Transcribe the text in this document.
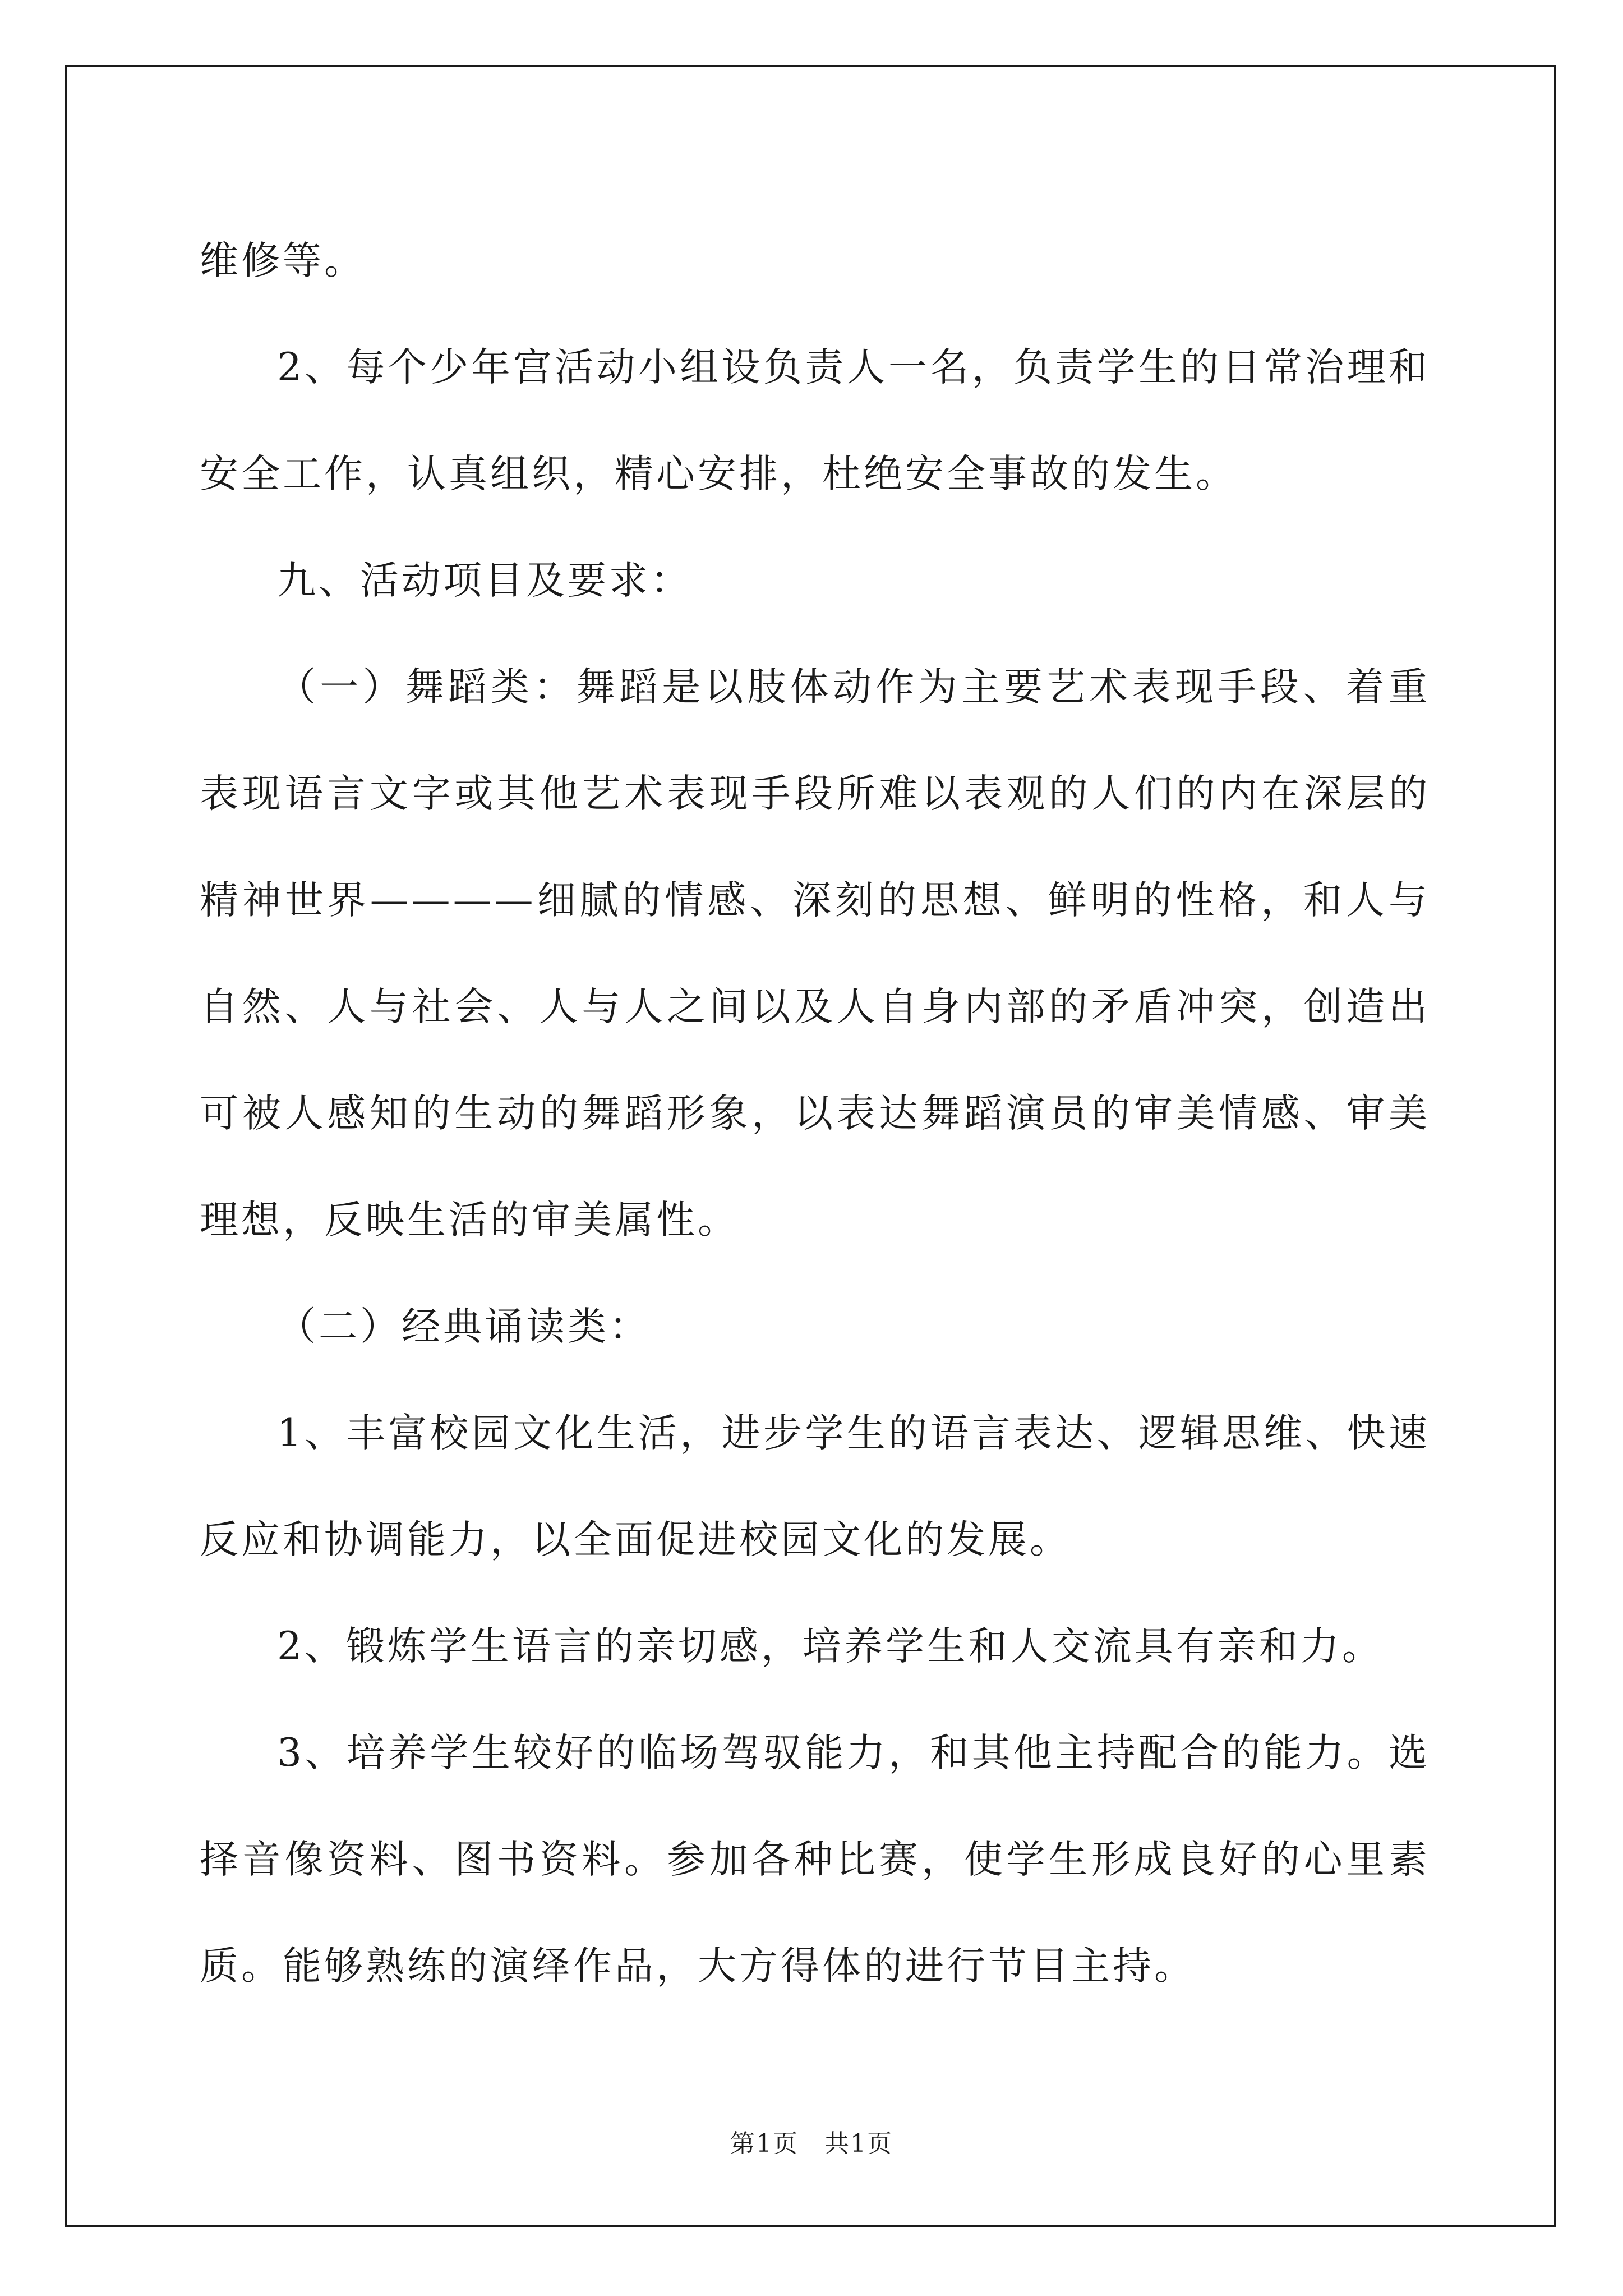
维修等。

2、每个少年宫活动小组设负责人一名，负责学生的日常治理和安全工作，认真组织，精心安排，杜绝安全事故的发生。

九、活动项目及要求：

（一）舞蹈类：舞蹈是以肢体动作为主要艺术表现手段、着重表现语言文字或其他艺术表现手段所难以表观的人们的内在深层的精神世界————细腻的情感、深刻的思想、鲜明的性格，和人与自然、人与社会、人与人之间以及人自身内部的矛盾冲突，创造出可被人感知的生动的舞蹈形象，以表达舞蹈演员的审美情感、审美理想，反映生活的审美属性。

（二）经典诵读类：

1、丰富校园文化生活，进步学生的语言表达、逻辑思维、快速反应和协调能力，以全面促进校园文化的发展。

2、锻炼学生语言的亲切感，培养学生和人交流具有亲和力。

3、培养学生较好的临场驾驭能力，和其他主持配合的能力。选择音像资料、图书资料。参加各种比赛，使学生形成良好的心里素质。能够熟练的演绎作品，大方得体的进行节目主持。

第1页　共1页
